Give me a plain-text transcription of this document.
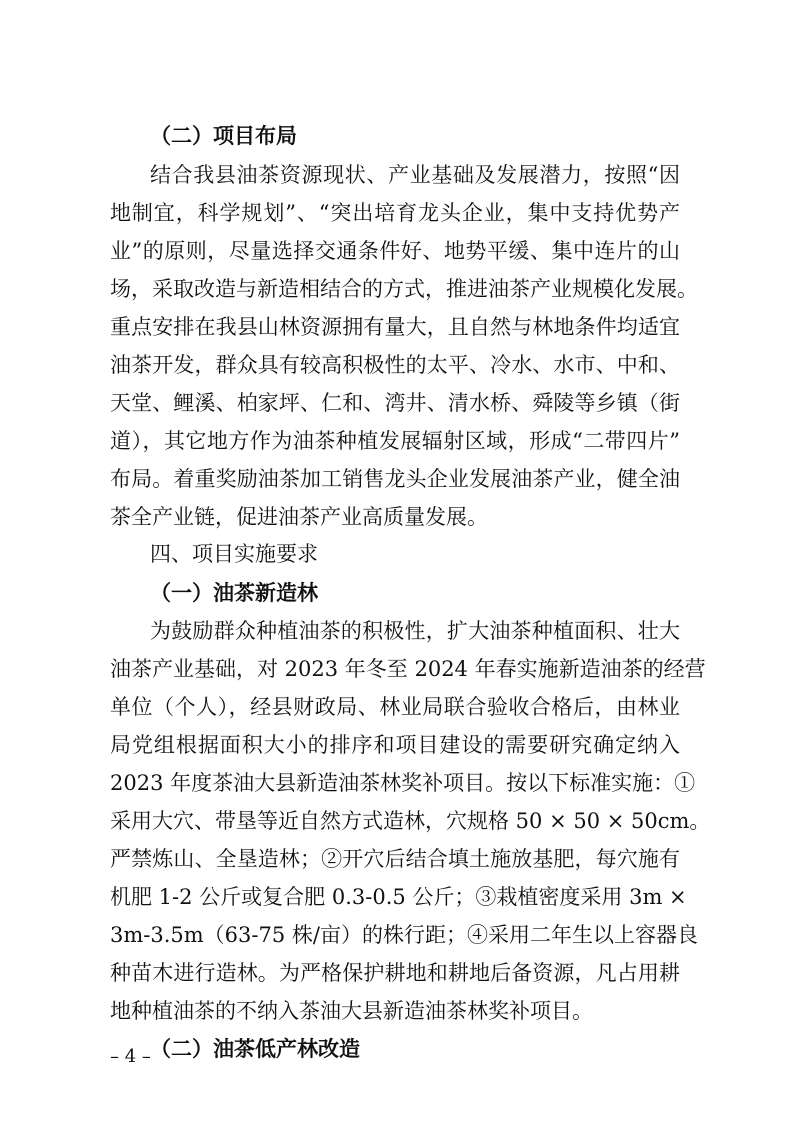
（二）项目布局

结合我县油茶资源现状、产业基础及发展潜力，按照“因

地制宜，科学规划”、“突出培育龙头企业，集中支持优势产

业”的原则，尽量选择交通条件好、地势平缓、集中连片的山

场，采取改造与新造相结合的方式，推进油茶产业规模化发展。

重点安排在我县山林资源拥有量大，且自然与林地条件均适宜

油茶开发，群众具有较高积极性的太平、冷水、水市、中和、

天堂、鲤溪、柏家坪、仁和、湾井、清水桥、舜陵等乡镇（街

道），其它地方作为油茶种植发展辐射区域，形成“二带四片”

布局。着重奖励油茶加工销售龙头企业发展油茶产业，健全油

茶全产业链，促进油茶产业高质量发展。

四、项目实施要求

（一）油茶新造林

为鼓励群众种植油茶的积极性，扩大油茶种植面积、壮大

油茶产业基础，对 2023 年冬至 2024 年春实施新造油茶的经营

单位（个人），经县财政局、林业局联合验收合格后，由林业

局党组根据面积大小的排序和项目建设的需要研究确定纳入

2023 年度茶油大县新造油茶林奖补项目。按以下标准实施：①

采用大穴、带垦等近自然方式造林，穴规格 50 × 50 × 50cm。

严禁炼山、全垦造林；②开穴后结合填土施放基肥，每穴施有

机肥 1-2 公斤或复合肥 0.3-0.5 公斤；③栽植密度采用 3m ×

3m-3.5m（63-75 株/亩）的株行距；④采用二年生以上容器良

种苗木进行造林。为严格保护耕地和耕地后备资源，凡占用耕

地种植油茶的不纳入茶油大县新造油茶林奖补项目。

（二）油茶低产林改造

– 4 –
